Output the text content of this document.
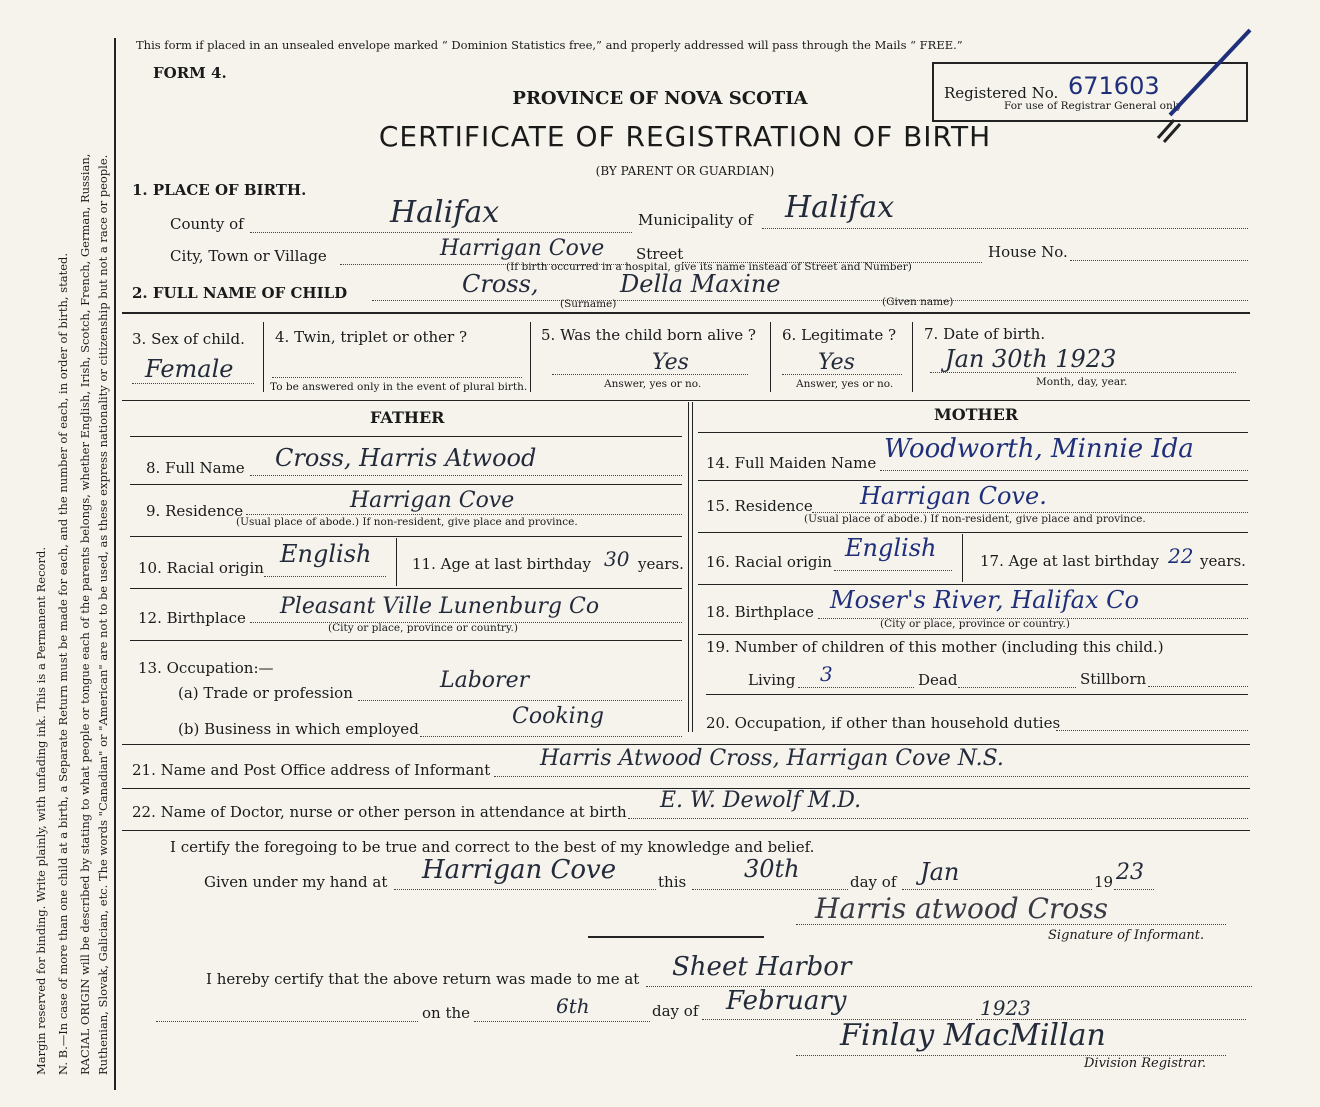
Margin reserved for binding. Write plainly, with unfading ink. This is a Permanent Record. N. B.—In case of more than one child at a birth, a Separate Return must be made for each, and the number of each, in order of birth, stated. RACIAL ORIGIN will be described by stating to what people or tongue each of the parents belongs, whether English, Irish, Scotch, French, German, Russian, Ruthenian, Slovak, Galician, etc. The words "Canadian" or "American" are not to be used, as these express nationality or citizenship but not a race or people.
This form if placed in an unsealed envelope marked “ Dominion Statistics free,” and properly addressed will pass through the Mails “ FREE.”
FORM 4.
PROVINCE OF NOVA SCOTIA
CERTIFICATE OF REGISTRATION OF BIRTH
(BY PARENT OR GUARDIAN)
Registered No. 671603
For use of Registrar General only
1. PLACE OF BIRTH.
County of	Halifax	Municipality of Halifax
City, Town or Village	Harrigan Cove Street
(If birth occurred in a hospital, give its name instead of Street and Number)
House No.
2. FULL NAME OF CHILD	Cross,	Della Maxine
(Surname)	(Given name)
3. Sex of child.
Female
4. Twin, triplet or other ?
To be answered only in the event of plural birth.
5. Was the child born alive ?
Yes
Answer, yes or no.
6. Legitimate ?
Yes
Answer, yes or no.
7. Date of birth.
Jan 30th 1923
Month, day, year.
FATHER	MOTHER
8. Full Name Cross, Harris Atwood
9. Residence	Harrigan Cove
(Usual place of abode.) If non-resident, give place and province.
10. Racial origin English	11. Age at last birthday 30 years.
12. Birthplace Pleasant Ville Lunenburg Co
(City or place, province or country.)
13. Occupation:—
(a) Trade or profession	Laborer
(b) Business in which employed	Cooking
14. Full Maiden Name Woodworth, Minnie Ida
15. Residence Harrigan Cove.
(Usual place of abode.) If non-resident, give place and province.
16. Racial origin English	17. Age at last birthday 22 years.
18. Birthplace Moser's River, Halifax Co
(City or place, province or country.)
19. Number of children of this mother (including this child.)
Living 3	Dead	Stillborn
20. Occupation, if other than household duties
21. Name and Post Office address of Informant Harris Atwood Cross, Harrigan Cove N.S.
22. Name of Doctor, nurse or other person in attendance at birth E. W. Dewolf M.D.
I certify the foregoing to be true and correct to the best of my knowledge and belief.
Given under my hand at Harrigan Cove	this 30th	day of Jan	19 23
Harris atwood Cross
Signature of Informant.
I hereby certify that the above return was made to me at Sheet Harbor
on the	6th	day of February	1923
Finlay MacMillan
Division Registrar.
